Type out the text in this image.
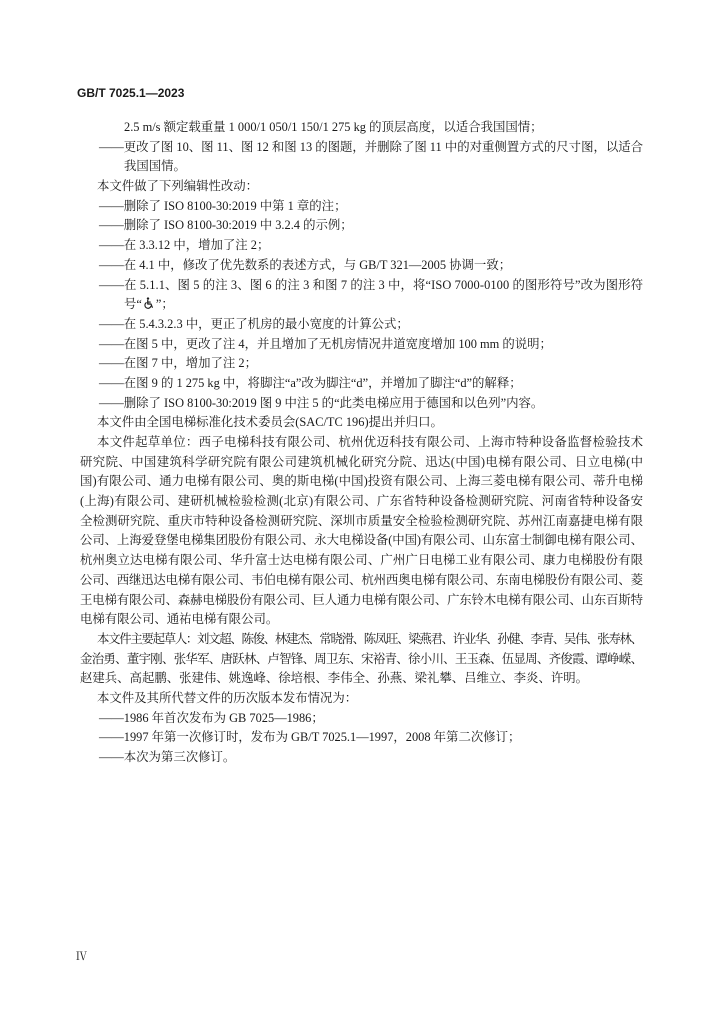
GB/T 7025.1—2023
2.5 m/s 额定载重量 1 000/1 050/1 150/1 275 kg 的顶层高度，以适合我国国情；
——更改了图 10、图 11、图 12 和图 13 的图题，并删除了图 11 中的对重侧置方式的尺寸图，以适合
我国国情。
本文件做了下列编辑性改动：
——删除了 ISO 8100-30:2019 中第 1 章的注；
——删除了 ISO 8100-30:2019 中 3.2.4 的示例；
——在 3.3.12 中，增加了注 2；
——在 4.1 中，修改了优先数系的表述方式，与 GB/T 321—2005 协调一致；
——在 5.1.1、图 5 的注 3、图 6 的注 3 和图 7 的注 3 中，将“ISO 7000-0100 的图形符号”改为图形符
号“ ”；
——在 5.4.3.2.3 中，更正了机房的最小宽度的计算公式；
——在图 5 中，更改了注 4，并且增加了无机房情况井道宽度增加 100 mm 的说明；
——在图 7 中，增加了注 2；
——在图 9 的 1 275 kg 中，将脚注“a”改为脚注“d”，并增加了脚注“d”的解释；
——删除了 ISO 8100-30:2019 图 9 中注 5 的“此类电梯应用于德国和以色列”内容。
本文件由全国电梯标准化技术委员会(SAC/TC 196)提出并归口。
本文件起草单位：西子电梯科技有限公司、杭州优迈科技有限公司、上海市特种设备监督检验技术
研究院、中国建筑科学研究院有限公司建筑机械化研究分院、迅达(中国)电梯有限公司、日立电梯(中
国)有限公司、通力电梯有限公司、奥的斯电梯(中国)投资有限公司、上海三菱电梯有限公司、蒂升电梯
(上海)有限公司、建研机械检验检测(北京)有限公司、广东省特种设备检测研究院、河南省特种设备安
全检测研究院、重庆市特种设备检测研究院、深圳市质量安全检验检测研究院、苏州江南嘉捷电梯有限
公司、上海爱登堡电梯集团股份有限公司、永大电梯设备(中国)有限公司、山东富士制御电梯有限公司、
杭州奥立达电梯有限公司、华升富士达电梯有限公司、广州广日电梯工业有限公司、康力电梯股份有限
公司、西继迅达电梯有限公司、韦伯电梯有限公司、杭州西奥电梯有限公司、东南电梯股份有限公司、菱
王电梯有限公司、森赫电梯股份有限公司、巨人通力电梯有限公司、广东铃木电梯有限公司、山东百斯特
电梯有限公司、通祐电梯有限公司。
本文件主要起草人：刘文超、陈俊、林建杰、常晓滑、陈凤旺、梁燕君、许业华、孙健、李青、吴伟、张寿林、
金治勇、董宇刚、张华军、唐跃林、卢智锋、周卫东、宋裕青、徐小川、王玉森、伍显周、齐俊霞、谭峥嵘、
赵建兵、高起鹏、张建伟、姚逸峰、徐培根、李伟全、孙燕、梁礼攀、吕维立、李炎、许明。
本文件及其所代替文件的历次版本发布情况为：
——1986 年首次发布为 GB 7025—1986；
——1997 年第一次修订时，发布为 GB/T 7025.1—1997，2008 年第二次修订；
——本次为第三次修订。
Ⅳ
